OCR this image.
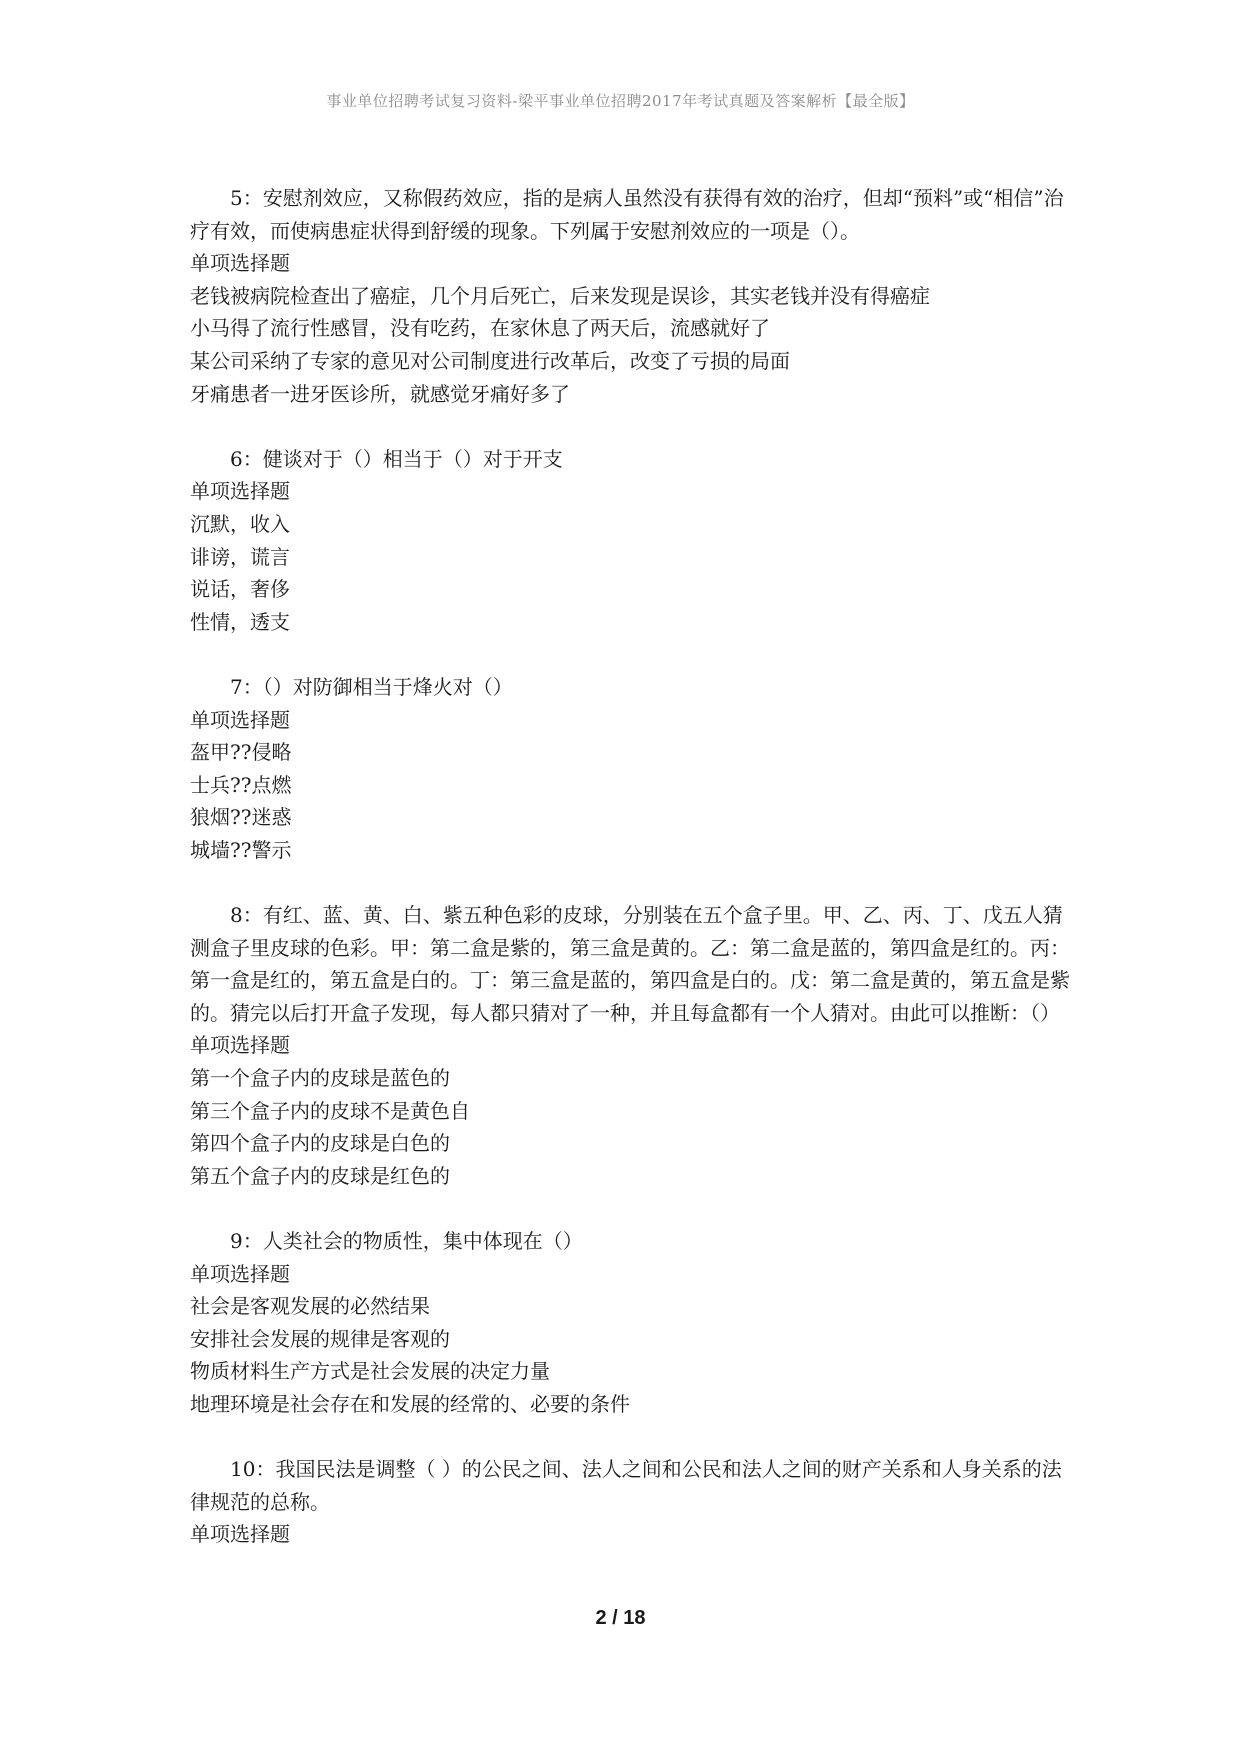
事业单位招聘考试复习资料-梁平事业单位招聘2017年考试真题及答案解析【最全版】

5：安慰剂效应，又称假药效应，指的是病人虽然没有获得有效的治疗，但却“预料”或“相信”治疗有效，而使病患症状得到舒缓的现象。下列属于安慰剂效应的一项是（）。

单项选择题

老钱被病院检查出了癌症，几个月后死亡，后来发现是误诊，其实老钱并没有得癌症

小马得了流行性感冒，没有吃药，在家休息了两天后，流感就好了

某公司采纳了专家的意见对公司制度进行改革后，改变了亏损的局面

牙痛患者一进牙医诊所，就感觉牙痛好多了

6：健谈对于（）相当于（）对于开支

单项选择题

沉默，收入

诽谤，谎言

说话，奢侈

性情，透支

7：（）对防御相当于烽火对（）

单项选择题

盔甲??侵略

士兵??点燃

狼烟??迷惑

城墙??警示

8：有红、蓝、黄、白、紫五种色彩的皮球，分别装在五个盒子里。甲、乙、丙、丁、戊五人猜测盒子里皮球的色彩。甲：第二盒是紫的，第三盒是黄的。乙：第二盒是蓝的，第四盒是红的。丙：第一盒是红的，第五盒是白的。丁：第三盒是蓝的，第四盒是白的。戊：第二盒是黄的，第五盒是紫的。猜完以后打开盒子发现，每人都只猜对了一种，并且每盒都有一个人猜对。由此可以推断：（）

单项选择题

第一个盒子内的皮球是蓝色的

第三个盒子内的皮球不是黄色自

第四个盒子内的皮球是白色的

第五个盒子内的皮球是红色的

9：人类社会的物质性，集中体现在（）

单项选择题

社会是客观发展的必然结果

安排社会发展的规律是客观的

物质材料生产方式是社会发展的决定力量

地理环境是社会存在和发展的经常的、必要的条件

10：我国民法是调整（ ）的公民之间、法人之间和公民和法人之间的财产关系和人身关系的法律规范的总称。

单项选择题

2 / 18
